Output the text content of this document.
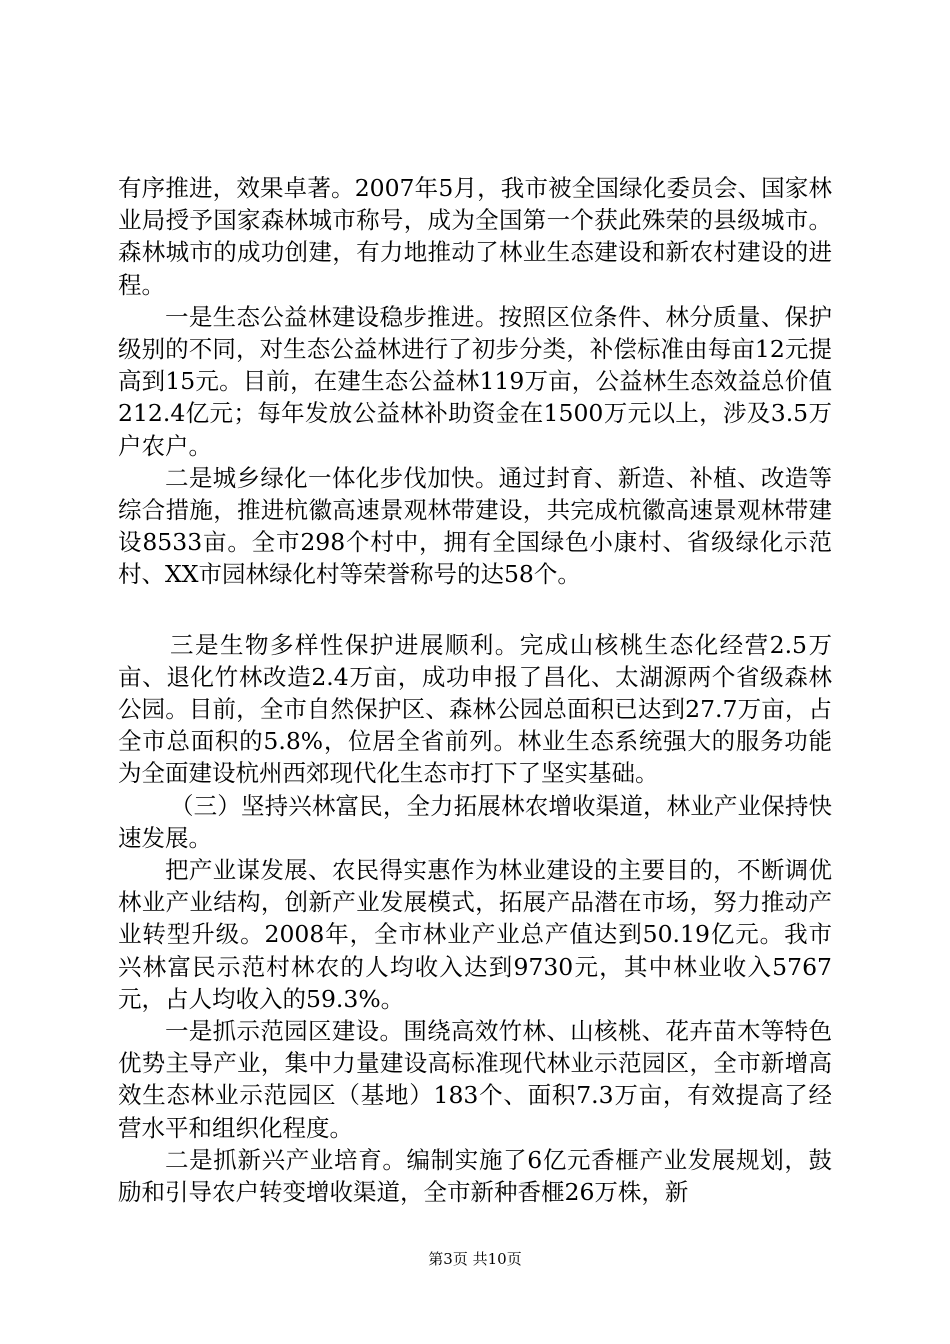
有序推进，效果卓著。2007年5月，我市被全国绿化委员会、国家林业局授予国家森林城市称号，成为全国第一个获此殊荣的县级城市。森林城市的成功创建，有力地推动了林业生态建设和新农村建设的进程。

一是生态公益林建设稳步推进。按照区位条件、林分质量、保护级别的不同，对生态公益林进行了初步分类，补偿标准由每亩12元提高到15元。目前，在建生态公益林119万亩，公益林生态效益总价值212.4亿元；每年发放公益林补助资金在1500万元以上，涉及3.5万户农户。

二是城乡绿化一体化步伐加快。通过封育、新造、补植、改造等综合措施，推进杭徽高速景观林带建设，共完成杭徽高速景观林带建设8533亩。全市298个村中，拥有全国绿色小康村、省级绿化示范村、XX市园林绿化村等荣誉称号的达58个。

三是生物多样性保护进展顺利。完成山核桃生态化经营2.5万亩、退化竹林改造2.4万亩，成功申报了昌化、太湖源两个省级森林公园。目前，全市自然保护区、森林公园总面积已达到27.7万亩，占全市总面积的5.8%，位居全省前列。林业生态系统强大的服务功能为全面建设杭州西郊现代化生态市打下了坚实基础。

（三）坚持兴林富民，全力拓展林农增收渠道，林业产业保持快速发展。

把产业谋发展、农民得实惠作为林业建设的主要目的，不断调优林业产业结构，创新产业发展模式，拓展产品潜在市场，努力推动产业转型升级。2008年，全市林业产业总产值达到50.19亿元。我市兴林富民示范村林农的人均收入达到9730元，其中林业收入5767元，占人均收入的59.3%。

一是抓示范园区建设。围绕高效竹林、山核桃、花卉苗木等特色优势主导产业，集中力量建设高标准现代林业示范园区，全市新增高效生态林业示范园区（基地）183个、面积7.3万亩，有效提高了经营水平和组织化程度。

二是抓新兴产业培育。编制实施了6亿元香榧产业发展规划，鼓励和引导农户转变增收渠道，全市新种香榧26万株，新

第3页 共10页
